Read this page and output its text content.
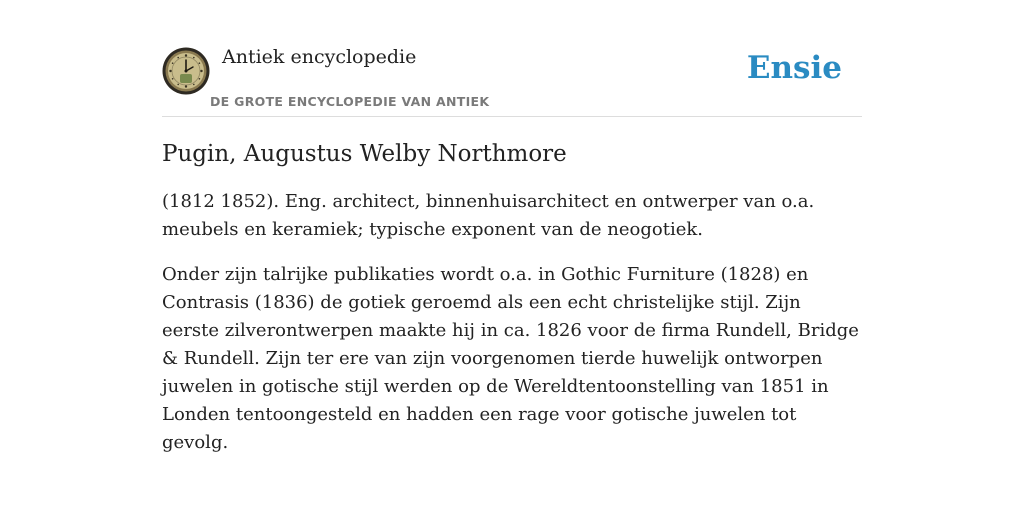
Antiek encyclopedie
DE GROTE ENCYCLOPEDIE VAN ANTIEK
Ensie
Pugin, Augustus Welby Northmore

(1812 1852). Eng. architect, binnenhuisarchitect en ontwerper van o.a. meubels en keramiek; typische exponent van de neogotiek.

Onder zijn talrijke publikaties wordt o.a. in Gothic Furniture (1828) en Contrasis (1836) de gotiek geroemd als een echt christelijke stijl. Zijn eerste zilverontwerpen maakte hij in ca. 1826 voor de firma Rundell, Bridge & Rundell. Zijn ter ere van zijn voorgenomen tierde huwelijk ontworpen juwelen in gotische stijl werden op de Wereldtentoonstelling van 1851 in Londen tentoongesteld en hadden een rage voor gotische juwelen tot gevolg.
